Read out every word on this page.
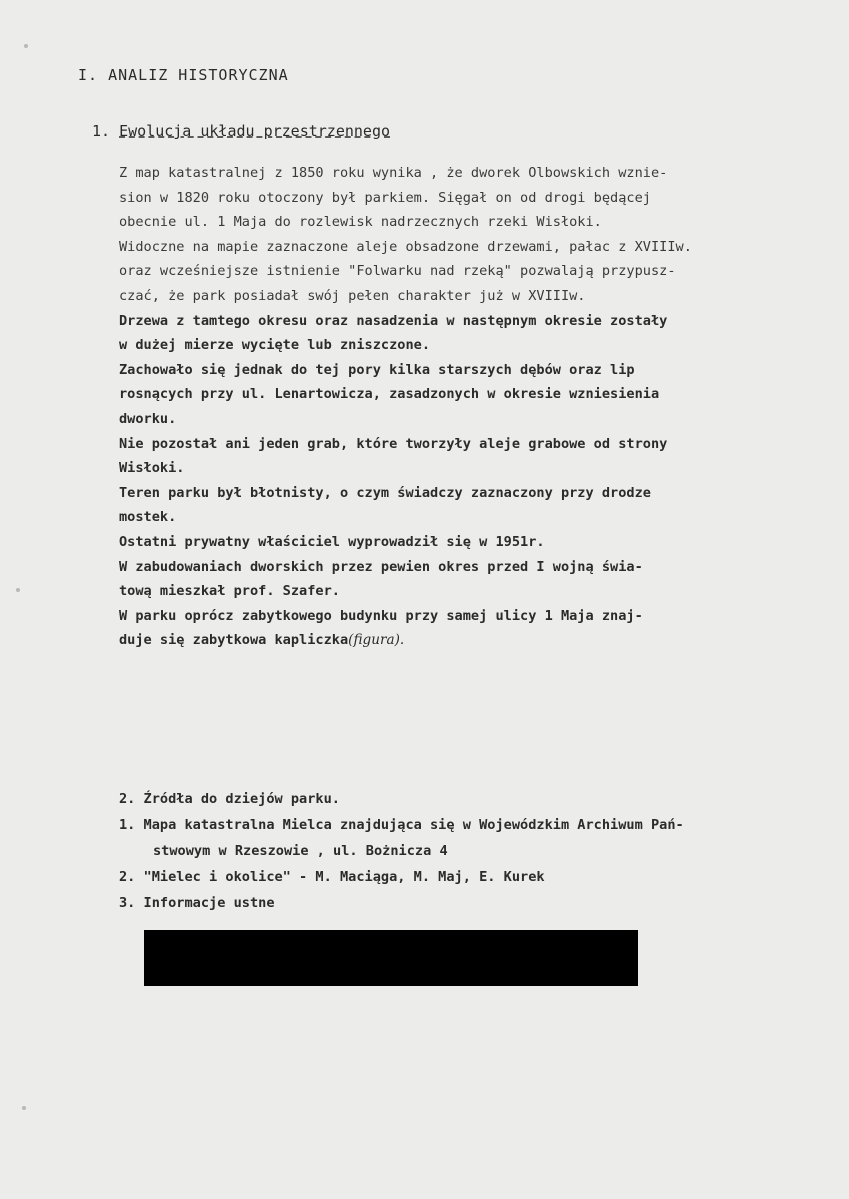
I. ANALIZ HISTORYCZNA
1. Ewolucja układu przestrzennego
Z map katastralnej z 1850 roku wynika , że dworek Olbowskich wznie-
sion w 1820 roku otoczony był parkiem. Sięgał on od drogi będącej
obecnie ul. 1 Maja do rozlewisk nadrzecznych rzeki Wisłoki.
Widoczne na mapie zaznaczone aleje obsadzone drzewami, pałac z XVIIIw.
oraz wcześniejsze istnienie "Folwarku nad rzeką" pozwalają przypusz-
czać, że park posiadał swój pełen charakter już w XVIIIw.
Drzewa z tamtego okresu oraz nasadzenia w następnym okresie zostały
w dużej mierze wycięte lub zniszczone.
Zachowało się jednak do tej pory kilka starszych dębów oraz lip
rosnących przy ul. Lenartowicza, zasadzonych w okresie wzniesienia
dworku.
Nie pozostał ani jeden grab, które tworzyły aleje grabowe od strony
Wisłoki.
Teren parku był błotnisty, o czym świadczy zaznaczony przy drodze
mostek.
Ostatni prywatny właściciel wyprowadził się w 1951r.
W zabudowaniach dworskich przez pewien okres przed I wojną świa-
tową mieszkał prof. Szafer.
W parku oprócz zabytkowego budynku przy samej ulicy 1 Maja znaj-
duje się zabytkowa kapliczka(figura).
2. Źródła do dziejów parku.
1. Mapa katastralna Mielca znajdująca się w Wojewódzkim Archiwum Pań-
stwowym w Rzeszowie , ul. Bożnicza 4
2. "Mielec i okolice" - M. Maciąga, M. Maj, E. Kurek
3. Informacje ustne
